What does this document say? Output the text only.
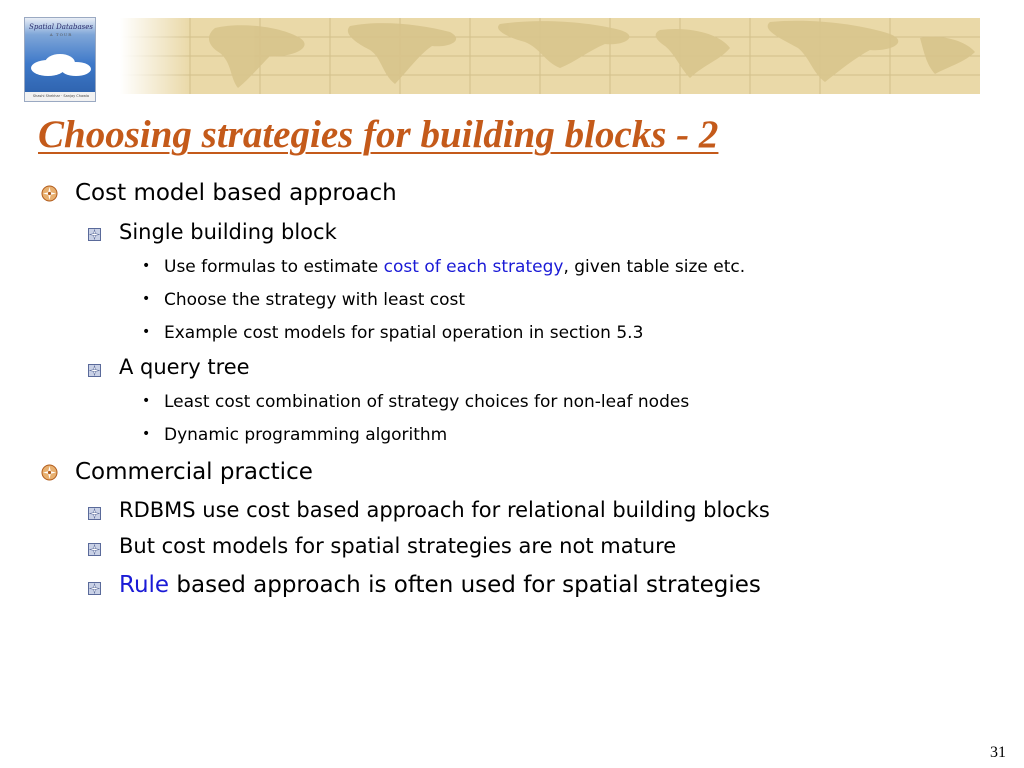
Spatial Databases
A TOUR
Shashi Shekhar · Sanjay Chawla
Choosing strategies for building blocks - 2
Cost model based approach
Single building block
• Use formulas to estimate cost of each strategy, given table size etc.
• Choose the strategy with least cost
• Example cost models for spatial operation in section 5.3
A query tree
• Least cost combination of strategy choices for non-leaf nodes
• Dynamic programming algorithm
Commercial practice
RDBMS use cost based approach for relational building blocks
But cost models for spatial strategies are not mature
Rule based approach is often used for spatial strategies
31
